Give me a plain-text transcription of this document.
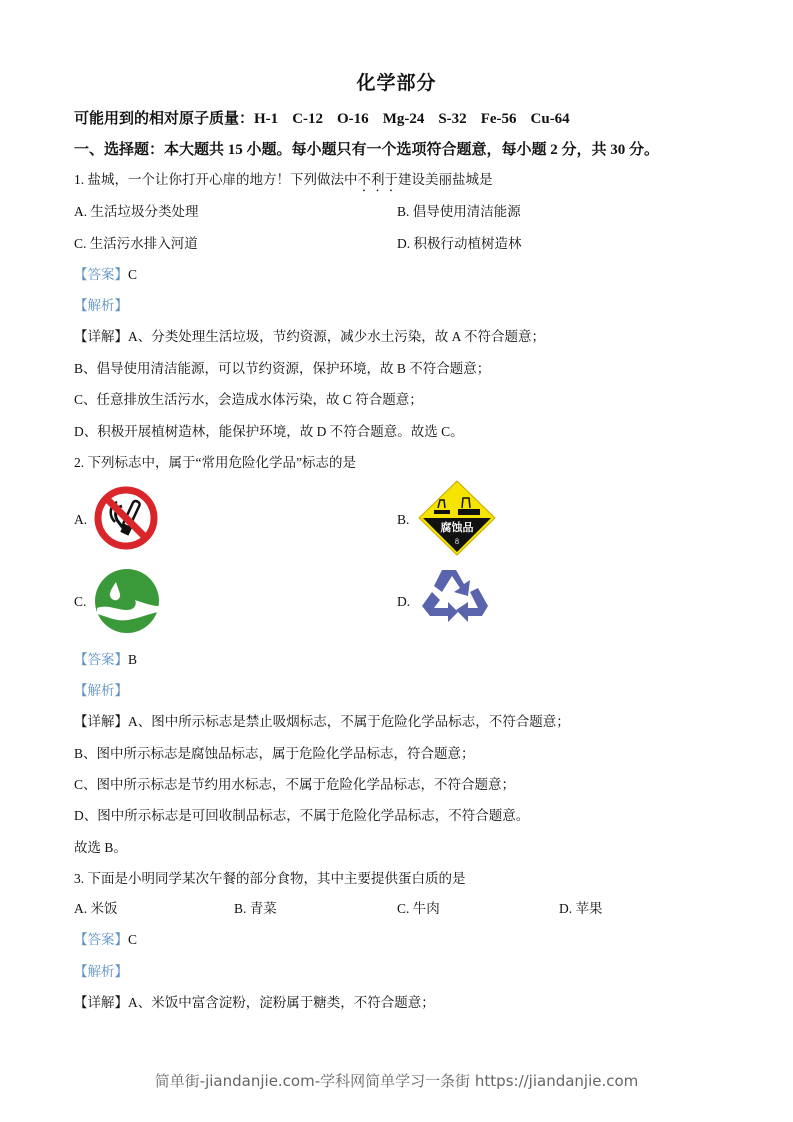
化学部分
可能用到的相对原子质量：H-1 C-12 O-16 Mg-24 S-32 Fe-56 Cu-64
一、选择题：本大题共 15 小题。每小题只有一个选项符合题意，每小题 2 分，共 30 分。
1. 盐城，一个让你打开心扉的地方！下列做法中不利于建设美丽盐城是
A. 生活垃圾分类处理	B. 倡导使用清洁能源
C. 生活污水排入河道	D. 积极行动植树造林
【答案】C
【解析】
【详解】A、分类处理生活垃圾，节约资源，减少水土污染，故 A 不符合题意；
B、倡导使用清洁能源，可以节约资源，保护环境，故 B 不符合题意；
C、任意排放生活污水，会造成水体污染，故 C 符合题意；
D、积极开展植树造林，能保护环境，故 D 不符合题意。故选 C。
2. 下列标志中，属于“常用危险化学品”标志的是
A.	B.
腐蚀品
8
C.	D.
【答案】B
【解析】
【详解】A、图中所示标志是禁止吸烟标志，不属于危险化学品标志，不符合题意；
B、图中所示标志是腐蚀品标志，属于危险化学品标志，符合题意；
C、图中所示标志是节约用水标志，不属于危险化学品标志，不符合题意；
D、图中所示标志是可回收制品标志，不属于危险化学品标志，不符合题意。
故选 B。
3. 下面是小明同学某次午餐的部分食物，其中主要提供蛋白质的是
A. 米饭	B. 青菜	C. 牛肉	D. 苹果
【答案】C
【解析】
【详解】A、米饭中富含淀粉，淀粉属于糖类，不符合题意；
简单街-jiandanjie.com-学科网简单学习一条街 https://jiandanjie.com
